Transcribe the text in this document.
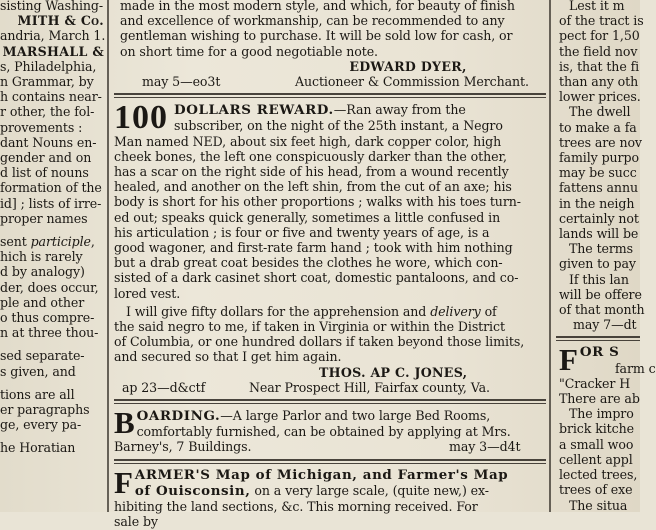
sisting Washing-

MITH & Co.

andria, March 1.

MARSHALL &

s, Philadelphia,

n Grammar, by

h contains near-

r other, the fol-

provements :

dant Nouns en-

gender and on

d list of nouns

formation of the

id] ; lists of irre-

proper names

sent participle,

hich is rarely

d by analogy)

der, does occur,

ple and other

o thus compre-

n at three thou-

sed separate-

s given, and

tions are all

er paragraphs

ge, every pa-

he Horatian

made in the most modern style, and which, for beauty of finish

and excellence of workmanship, can be recommended to any

gentleman wishing to purchase. It will be sold low for cash, or

on short time for a good negotiable note.

EDWARD DYER,

may 5—eo3t	Auctioneer & Commission Merchant.

100 DOLLARS REWARD.—Ran away from the

subscriber, on the night of the 25th instant, a Negro

Man named NED, about six feet high, dark copper color, high

cheek bones, the left one conspicuously darker than the other,

has a scar on the right side of his head, from a wound recently

healed, and another on the left shin, from the cut of an axe; his

body is short for his other proportions ; walks with his toes turn-

ed out; speaks quick generally, sometimes a little confused in

his articulation ; is four or five and twenty years of age, is a

good wagoner, and first-rate farm hand ; took with him nothing

but a drab great coat besides the clothes he wore, which con-

sisted of a dark casinet short coat, domestic pantaloons, and co-

lored vest.

I will give fifty dollars for the apprehension and delivery of

the said negro to me, if taken in Virginia or within the District

of Columbia, or one hundred dollars if taken beyond those limits,

and secured so that I get him again.

THOS. AP C. JONES,

ap 23—d&ctf	Near Prospect Hill, Fairfax county, Va.

B OARDING.—A large Parlor and two large Bed Rooms,

comfortably furnished, can be obtained by applying at Mrs.

Barney's, 7 Buildings.	may 3—d4t

F ARMER'S Map of Michigan, and Farmer's Map

of Ouisconsin, on a very large scale, (quite new,) ex-

hibiting the land sections, &c. This morning received. For

sale by

Lest it m

of the tract is

pect for 1,50

the field nov

is, that the fi

than any oth

lower prices.

The dwell

to make a fa

trees are nov

family purpo

may be succ

fattens annu

in the neigh

certainly not

lands will be

The terms

given to pay

If this lan

will be offere

of that month

may 7—dt

F OR S

farm c

"Cracker H

There are ab

The impro

brick kitche

a small woo

cellent appl

lected trees,

trees of exe

The situa
